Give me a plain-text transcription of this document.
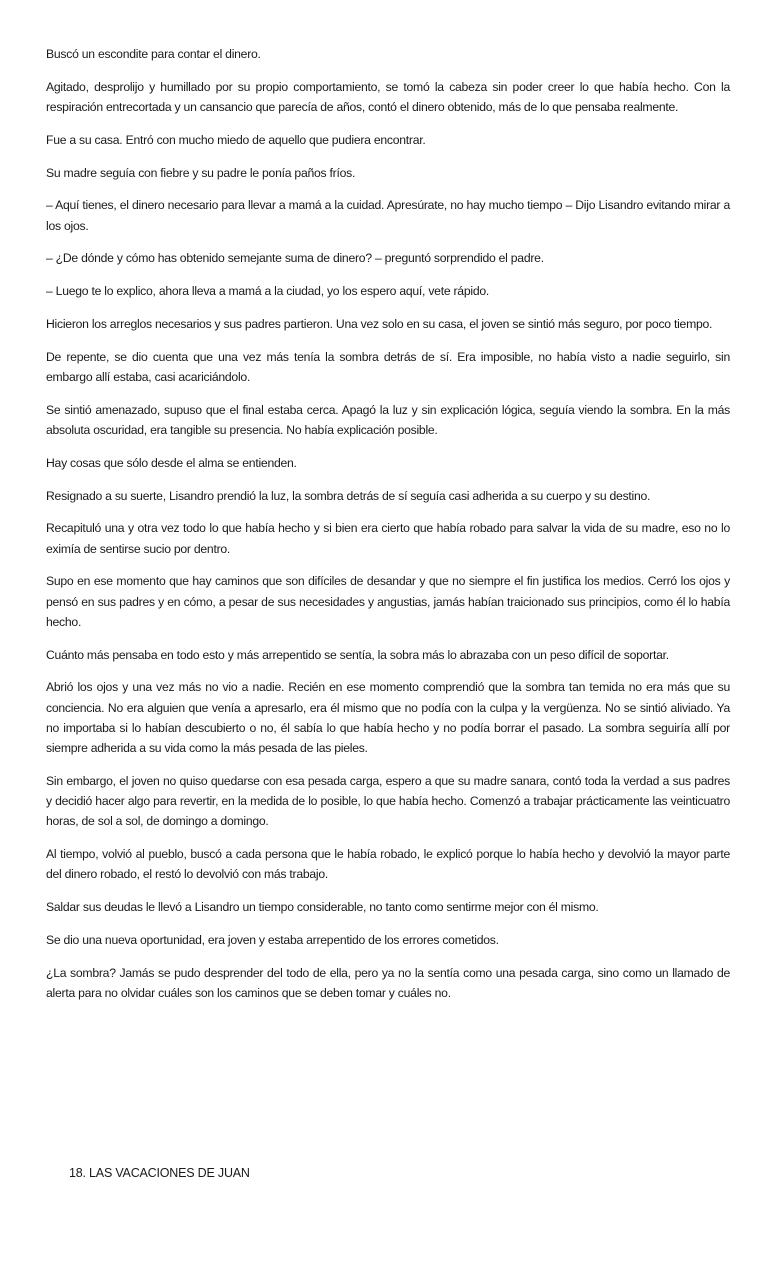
Buscó un escondite para contar el dinero.

Agitado, desprolijo y humillado por su propio comportamiento, se tomó la cabeza sin poder creer lo que había hecho. Con la respiración entrecortada y un cansancio que parecía de años, contó el dinero obtenido, más de lo que pensaba realmente.

Fue a su casa. Entró con mucho miedo de aquello que pudiera encontrar.

Su madre seguía con fiebre y su padre le ponía paños fríos.

– Aquí tienes, el dinero necesario para llevar a mamá a la cuidad. Apresúrate, no hay mucho tiempo – Dijo Lisandro evitando mirar a los ojos.

– ¿De dónde y cómo has obtenido semejante suma de dinero? – preguntó sorprendido el padre.

– Luego te lo explico, ahora lleva a mamá a la ciudad, yo los espero aquí, vete rápido.

Hicieron los arreglos necesarios y sus padres partieron. Una vez solo en su casa, el joven se sintió más seguro, por poco tiempo.

De repente, se dio cuenta que una vez más tenía la sombra detrás de sí. Era imposible, no había visto a nadie seguirlo, sin embargo allí estaba, casi acariciándolo.

Se sintió amenazado, supuso que el final estaba cerca. Apagó la luz y sin explicación lógica, seguía viendo la sombra. En la más absoluta oscuridad, era tangible su presencia. No había explicación posible.

Hay cosas que sólo desde el alma se entienden.

Resignado a su suerte, Lisandro prendió la luz, la sombra detrás de sí seguía casi adherida a su cuerpo y su destino.

Recapituló una y otra vez todo lo que había hecho y si bien era cierto que había robado para salvar la vida de su madre, eso no lo eximía de sentirse sucio por dentro.

Supo en ese momento que hay caminos que son difíciles de desandar y que no siempre el fin justifica los medios. Cerró los ojos y pensó en sus padres y en cómo, a pesar de sus necesidades y angustias, jamás habían traicionado sus principios, como él lo había hecho.

Cuánto más pensaba en todo esto y más arrepentido se sentía, la sobra más lo abrazaba con un peso difícil de soportar.

Abrió los ojos y una vez más no vio a nadie. Recién en ese momento comprendió que la sombra tan temida no era más que su conciencia. No era alguien que venía a apresarlo, era él mismo que no podía con la culpa y la vergüenza. No se sintió aliviado. Ya no importaba si lo habían descubierto o no, él sabía lo que había hecho y no podía borrar el pasado. La sombra seguiría allí por siempre adherida a su vida como la más pesada de las pieles.

Sin embargo, el joven no quiso quedarse con esa pesada carga, espero a que su madre sanara, contó toda la verdad a sus padres y decidió hacer algo para revertir, en la medida de lo posible, lo que había hecho. Comenzó a trabajar prácticamente las veinticuatro horas, de sol a sol, de domingo a domingo.

Al tiempo, volvió al pueblo, buscó a cada persona que le había robado, le explicó porque lo había hecho y devolvió la mayor parte del dinero robado, el restó lo devolvió con más trabajo.

Saldar sus deudas le llevó a Lisandro un tiempo considerable, no tanto como sentirme mejor con él mismo.

Se dio una nueva oportunidad, era joven y estaba arrepentido de los errores cometidos.

¿La sombra? Jamás se pudo desprender del todo de ella, pero ya no la sentía como una pesada carga, sino como un llamado de alerta para no olvidar cuáles son los caminos que se deben tomar y cuáles no.

18. LAS VACACIONES DE JUAN
